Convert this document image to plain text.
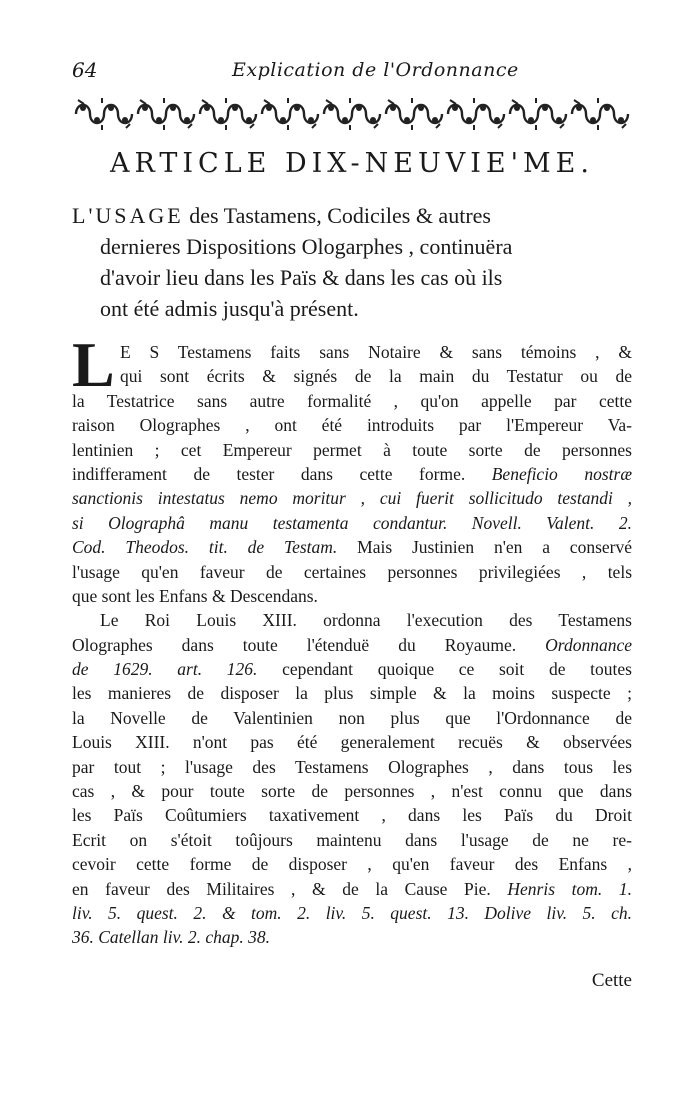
64	Explication de l'Ordonnance
ARTICLE DIX-NEUVIE'ME.
L'USAGE des Tastamens, Codiciles & autres
dernieres Dispositions Ologarphes , continuëra
d'avoir lieu dans les Païs & dans les cas où ils
ont été admis jusqu'à présent.
L E S Testamens faits sans Notaire & sans témoins , &
qui sont écrits & signés de la main du Testatur ou de
la Testatrice sans autre formalité , qu'on appelle par cette
raison Olographes , ont été introduits par l'Empereur Va-
lentinien ; cet Empereur permet à toute sorte de personnes
indifferament de tester dans cette forme. Beneficio nostræ
sanctionis intestatus nemo moritur , cui fuerit sollicitudo testandi ,
si Olographâ manu testamenta condantur. Novell. Valent. 2.
Cod. Theodos. tit. de Testam. Mais Justinien n'en a conservé
l'usage qu'en faveur de certaines personnes privilegiées , tels
que sont les Enfans & Descendans.
Le Roi Louis XIII. ordonna l'execution des Testamens
Olographes dans toute l'étenduë du Royaume. Ordonnance
de 1629. art. 126. cependant quoique ce soit de toutes
les manieres de disposer la plus simple & la moins suspecte ;
la Novelle de Valentinien non plus que l'Ordonnance de
Louis XIII. n'ont pas été generalement recuës & observées
par tout ; l'usage des Testamens Olographes , dans tous les
cas , & pour toute sorte de personnes , n'est connu que dans
les Païs Coûtumiers taxativement , dans les Païs du Droit
Ecrit on s'étoit toûjours maintenu dans l'usage de ne re-
cevoir cette forme de disposer , qu'en faveur des Enfans ,
en faveur des Militaires , & de la Cause Pie. Henris tom. 1.
liv. 5. quest. 2. & tom. 2. liv. 5. quest. 13. Dolive liv. 5. ch.
36. Catellan liv. 2. chap. 38.
Cette
